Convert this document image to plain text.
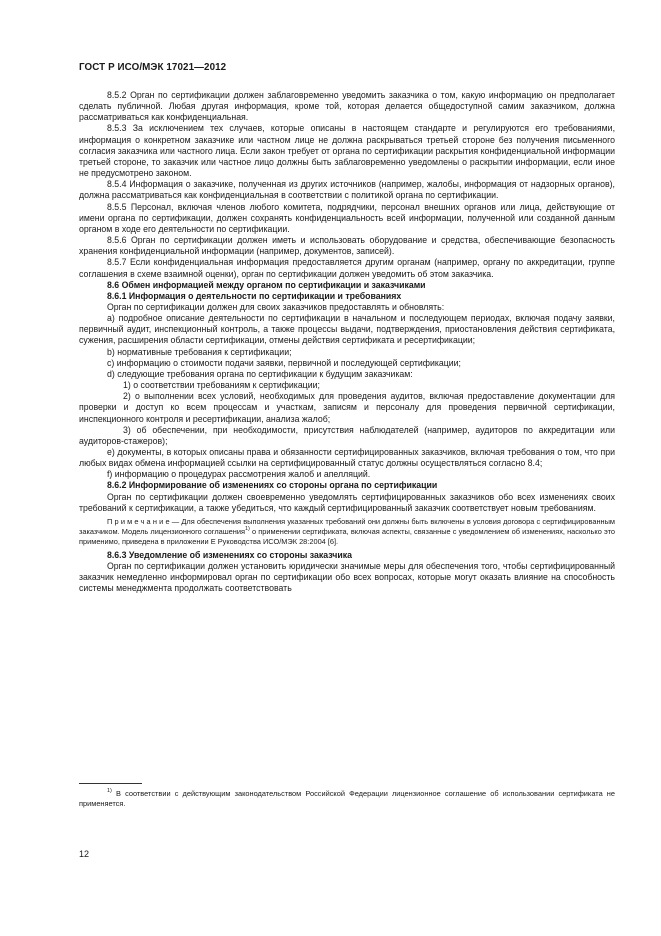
ГОСТ Р ИСО/МЭК 17021—2012

8.5.2 Орган по сертификации должен заблаговременно уведомить заказчика о том, какую информацию он предполагает сделать публичной. Любая другая информация, кроме той, которая делается общедоступной самим заказчиком, должна рассматриваться как конфиденциальная.

8.5.3 За исключением тех случаев, которые описаны в настоящем стандарте и регулируются его требованиями, информация о конкретном заказчике или частном лице не должна раскрываться третьей стороне без получения письменного согласия заказчика или частного лица. Если закон требует от органа по сертификации раскрытия конфиденциальной информации третьей стороне, то заказчик или частное лицо должны быть заблаговременно уведомлены о раскрытии информации, если иное не предусмотрено законом.

8.5.4 Информация о заказчике, полученная из других источников (например, жалобы, информация от надзорных органов), должна рассматриваться как конфиденциальная в соответствии с политикой органа по сертификации.

8.5.5 Персонал, включая членов любого комитета, подрядчики, персонал внешних органов или лица, действующие от имени органа по сертификации, должен сохранять конфиденциальность всей информации, полученной или созданной данным органом в ходе его деятельности по сертификации.

8.5.6 Орган по сертификации должен иметь и использовать оборудование и средства, обеспечивающие безопасность хранения конфиденциальной информации (например, документов, записей).

8.5.7 Если конфиденциальная информация предоставляется другим органам (например, органу по аккредитации, группе соглашения в схеме взаимной оценки), орган по сертификации должен уведомить об этом заказчика.

8.6 Обмен информацией между органом по сертификации и заказчиками

8.6.1 Информация о деятельности по сертификации и требованиях

Орган по сертификации должен для своих заказчиков предоставлять и обновлять:

a) подробное описание деятельности по сертификации в начальном и последующем периодах, включая подачу заявки, первичный аудит, инспекционный контроль, а также процессы выдачи, подтверждения, приостановления действия сертификата, сужения, расширения области сертификации, отмены действия сертификата и ресертификации;

b) нормативные требования к сертификации;

c) информацию о стоимости подачи заявки, первичной и последующей сертификации;

d) следующие требования органа по сертификации к будущим заказчикам:

1) о соответствии требованиям к сертификации;

2) о выполнении всех условий, необходимых для проведения аудитов, включая предоставление документации для проверки и доступ ко всем процессам и участкам, записям и персоналу для проведения первичной сертификации, инспекционного контроля и ресертификации, анализа жалоб;

3) об обеспечении, при необходимости, присутствия наблюдателей (например, аудиторов по аккредитации или аудиторов-стажеров);

e) документы, в которых описаны права и обязанности сертифицированных заказчиков, включая требования о том, что при любых видах обмена информацией ссылки на сертифицированный статус должны осуществляться согласно 8.4;

f) информацию о процедурах рассмотрения жалоб и апелляций.

8.6.2 Информирование об изменениях со стороны органа по сертификации

Орган по сертификации должен своевременно уведомлять сертифицированных заказчиков обо всех изменениях своих требований к сертификации, а также убедиться, что каждый сертифицированный заказчик соответствует новым требованиям.

Примечание— Для обеспечения выполнения указанных требований они должны быть включены в условия договора с сертифицированным заказчиком. Модель лицензионного соглашения$^{1)}$ о применении сертификата, включая аспекты, связанные с уведомлением об изменениях, насколько это применимо, приведена в приложении Е Руководства ИСО/МЭК 28:2004 [6].

8.6.3 Уведомление об изменениях со стороны заказчика

Орган по сертификации должен установить юридически значимые меры для обеспечения того, чтобы сертифицированный заказчик немедленно информировал орган по сертификации обо всех вопросах, которые могут оказать влияние на способность системы менеджмента продолжать соответствовать

$^{1)}$ В соответствии с действующим законодательством Российской Федерации лицензионное соглашение об использовании сертификата не применяется.

12
